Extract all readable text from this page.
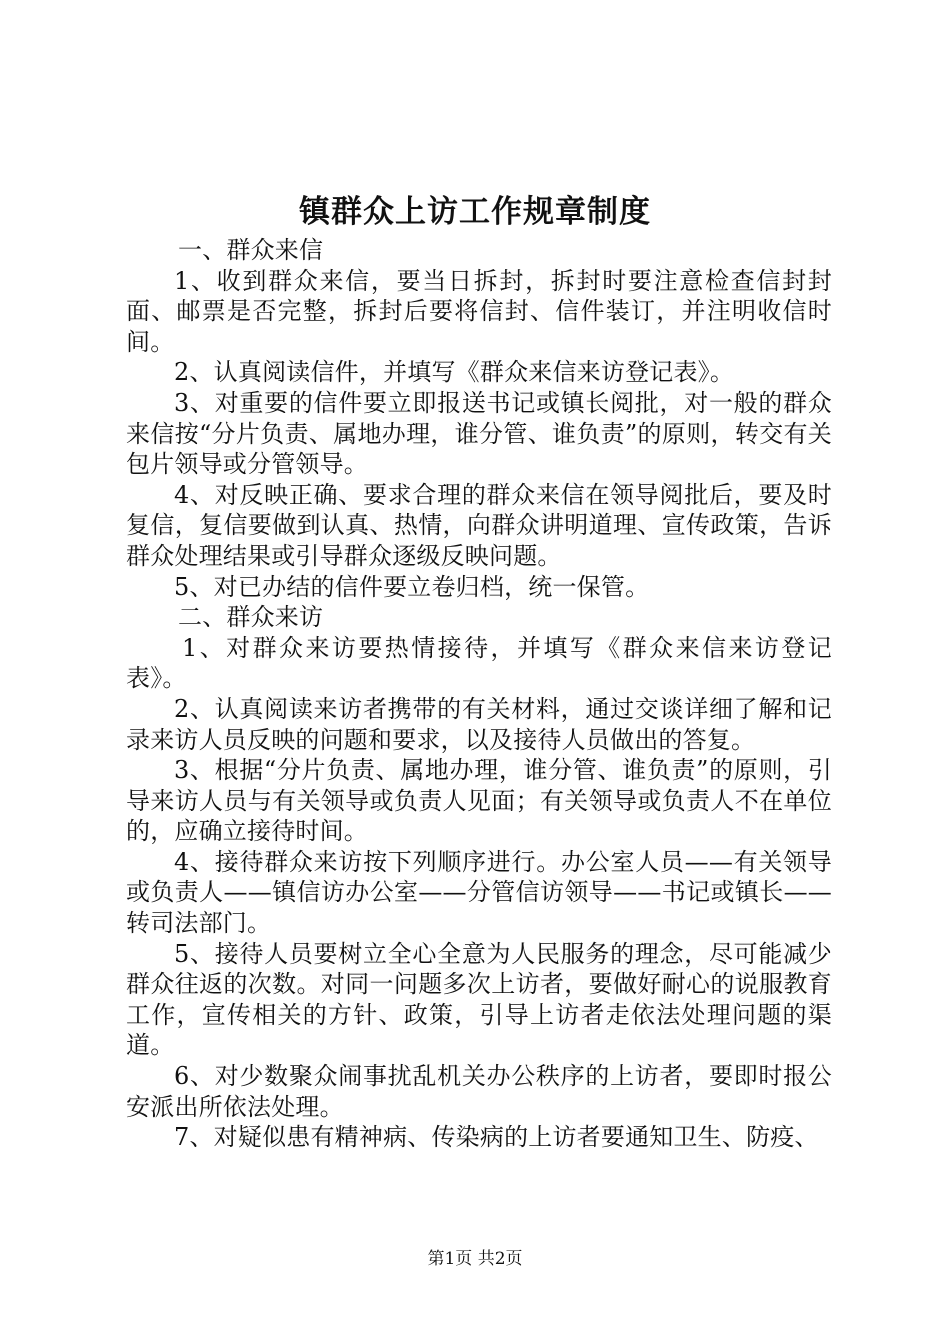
镇群众上访工作规章制度

一、群众来信

1、收到群众来信，要当日拆封，拆封时要注意检查信封封面、邮票是否完整，拆封后要将信封、信件装订，并注明收信时间。

2、认真阅读信件，并填写《群众来信来访登记表》。

3、对重要的信件要立即报送书记或镇长阅批，对一般的群众来信按“分片负责、属地办理，谁分管、谁负责”的原则，转交有关包片领导或分管领导。

4、对反映正确、要求合理的群众来信在领导阅批后，要及时复信，复信要做到认真、热情，向群众讲明道理、宣传政策，告诉群众处理结果或引导群众逐级反映问题。

5、对已办结的信件要立卷归档，统一保管。

二、群众来访

1、对群众来访要热情接待，并填写《群众来信来访登记表》。

2、认真阅读来访者携带的有关材料，通过交谈详细了解和记录来访人员反映的问题和要求，以及接待人员做出的答复。

3、根据“分片负责、属地办理，谁分管、谁负责”的原则，引导来访人员与有关领导或负责人见面；有关领导或负责人不在单位的，应确立接待时间。

4、接待群众来访按下列顺序进行。办公室人员——有关领导或负责人——镇信访办公室——分管信访领导——书记或镇长——转司法部门。

5、接待人员要树立全心全意为人民服务的理念，尽可能减少群众往返的次数。对同一问题多次上访者，要做好耐心的说服教育工作，宣传相关的方针、政策，引导上访者走依法处理问题的渠道。

6、对少数聚众闹事扰乱机关办公秩序的上访者，要即时报公安派出所依法处理。

7、对疑似患有精神病、传染病的上访者要通知卫生、防疫、

第1页 共2页
